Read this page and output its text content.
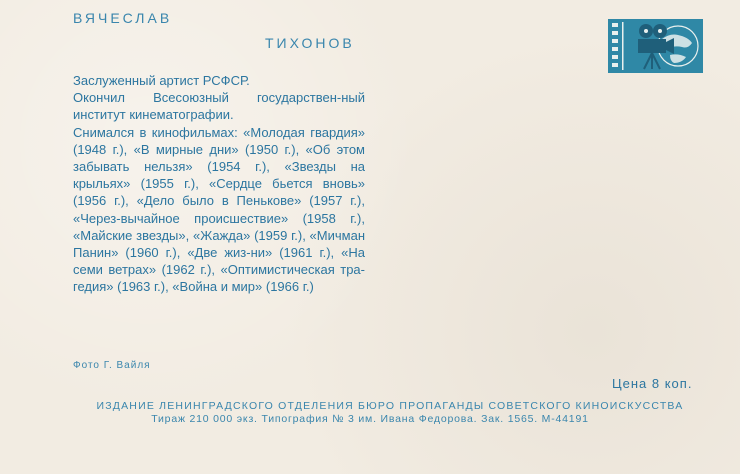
ВЯЧЕСЛАВ
ТИХОНОВ

Заслуженный артист РСФСР.

Окончил Всесоюзный государствен-ный институт кинематографии.

Снимался в кинофильмах: «Молодая гвардия» (1948 г.), «В мирные дни» (1950 г.), «Об этом забывать нельзя» (1954 г.), «Звезды на крыльях» (1955 г.), «Сердце бьется вновь» (1956 г.), «Дело было в Пенькове» (1957 г.), «Через-вычайное происшествие» (1958 г.), «Майские звезды», «Жажда» (1959 г.), «Мичман Панин» (1960 г.), «Две жиз-ни» (1961 г.), «На семи ветрах» (1962 г.), «Оптимистическая тра-гедия» (1963 г.), «Война и мир» (1966 г.)

Фото Г. Вайля
Цена 8 коп.
ИЗДАНИЕ ЛЕНИНГРАДСКОГО ОТДЕЛЕНИЯ БЮРО ПРОПАГАНДЫ СОВЕТСКОГО КИНОИСКУССТВА
Тираж 210 000 экз. Типография № 3 им. Ивана Федорова. Зак. 1565. М-44191
